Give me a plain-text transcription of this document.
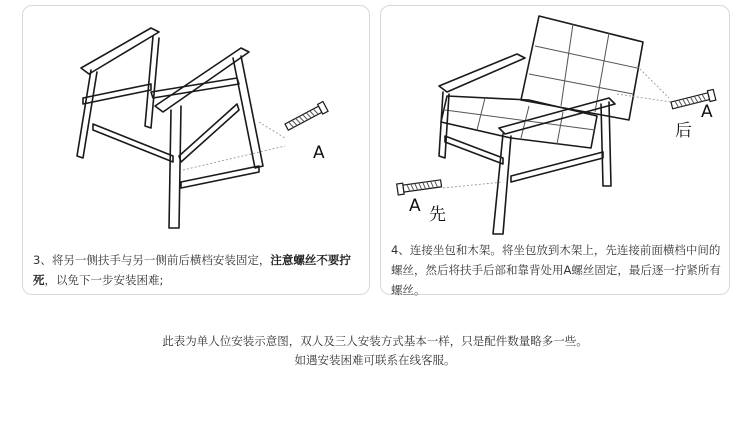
A
3、将另一侧扶手与另一侧前后横档安装固定，注意螺丝不要拧死，以免下一步安装困难;
A 先
A
后
4、连接坐包和木架。将坐包放到木架上，先连接前面横档中间的螺丝，然后将扶手后部和靠背处用A螺丝固定，最后逐一拧紧所有螺丝。
此表为单人位安装示意图，双人及三人安装方式基本一样，只是配件数量略多一些。
如遇安装困难可联系在线客服。
